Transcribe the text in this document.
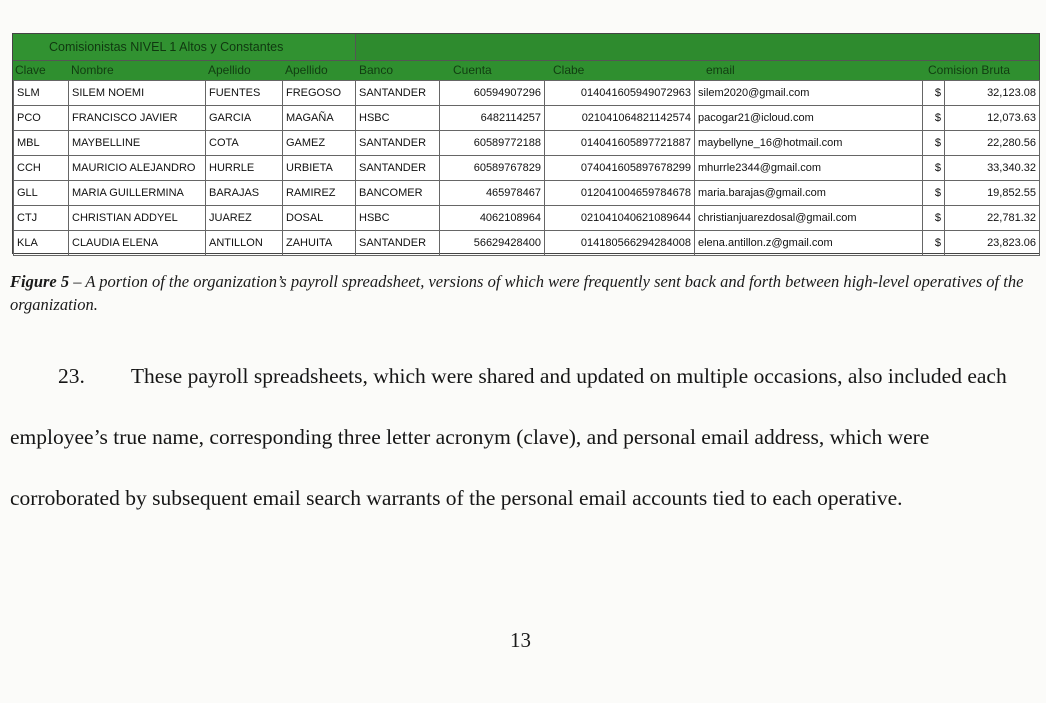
Comisionistas NIVEL 1 Altos y Constantes
Clave Nombre	Apellido	Apellido	Banco	Cuenta	Clabe	email	Comision Bruta
SLM	SILEM NOEMI	FUENTES	FREGOSO	SANTANDER	60594907296	014041605949072963	silem2020@gmail.com	$	32,123.08
PCO	FRANCISCO JAVIER	GARCIA	MAGAÑA	HSBC	6482114257	021041064821142574	pacogar21@icloud.com	$	12,073.63
MBL	MAYBELLINE	COTA	GAMEZ	SANTANDER	60589772188	014041605897721887	maybellyne_16@hotmail.com	$	22,280.56
CCH	MAURICIO ALEJANDRO	HURRLE	URBIETA	SANTANDER	60589767829	074041605897678299	mhurrle2344@gmail.com	$	33,340.32
GLL	MARIA GUILLERMINA	BARAJAS	RAMIREZ	BANCOMER	465978467	012041004659784678	maria.barajas@gmail.com	$	19,852.55
CTJ	CHRISTIAN ADDYEL	JUAREZ	DOSAL	HSBC	4062108964	021041040621089644	christianjuarezdosal@gmail.com	$	22,781.32
KLA	CLAUDIA ELENA	ANTILLON	ZAHUITA	SANTANDER	56629428400	014180566294284008	elena.antillon.z@gmail.com	$	23,823.06
Figure 5 – A portion of the organization’s payroll spreadsheet, versions of which were frequently sent back and forth between high-level operatives of the organization.
23. These payroll spreadsheets, which were shared and updated on multiple occasions, also included each employee’s true name, corresponding three letter acronym (clave), and personal email address, which were corroborated by subsequent email search warrants of the personal email accounts tied to each operative.
13
